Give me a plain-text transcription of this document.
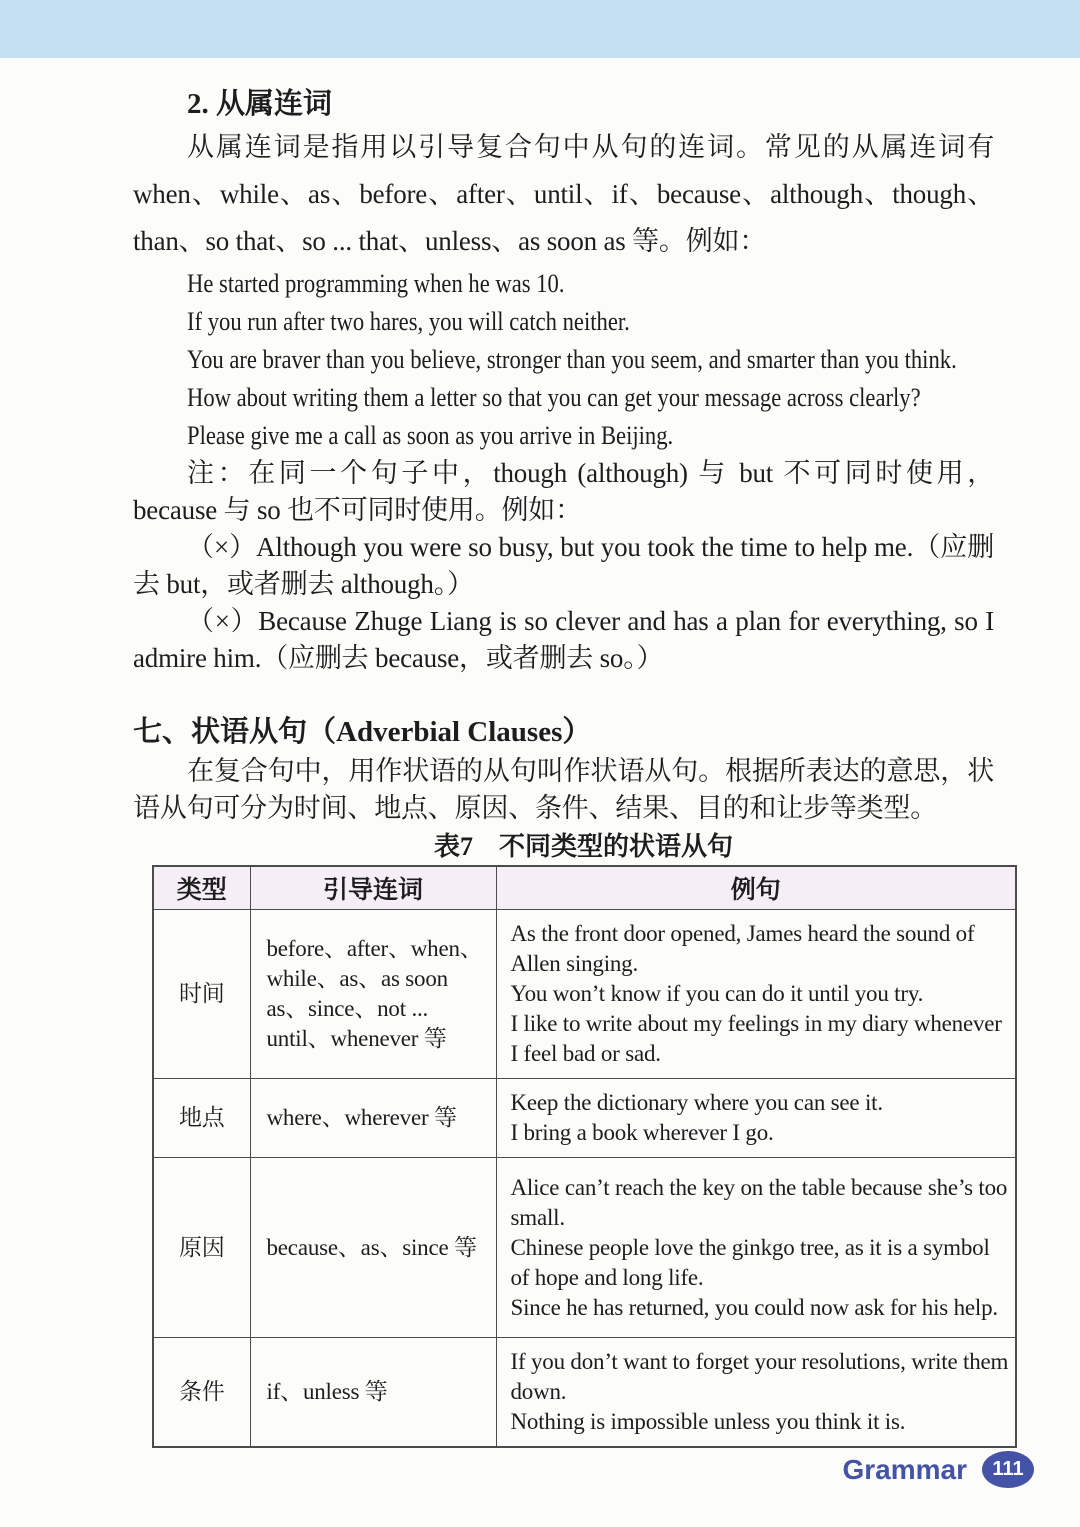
2. 从属连词

从属连词是指用以引导复合句中从句的连词。常见的从属连词有 when、while、as、before、after、until、if、because、although、though、than、so that、so ... that、unless、as soon as 等。例如：

He started programming when he was 10.
If you run after two hares, you will catch neither.
You are braver than you believe, stronger than you seem, and smarter than you think.
How about writing them a letter so that you can get your message across clearly?
Please give me a call as soon as you arrive in Beijing.

注：在同一个句子中，though (although) 与 but 不可同时使用，because 与 so 也不可同时使用。例如：

（×）Although you were so busy, but you took the time to help me.（应删去 but，或者删去 although。）

（×）Because Zhuge Liang is so clever and has a plan for everything, so I admire him.（应删去 because，或者删去 so。）

七、状语从句（Adverbial Clauses）

在复合句中，用作状语的从句叫作状语从句。根据所表达的意思，状语从句可分为时间、地点、原因、条件、结果、目的和让步等类型。

表7　不同类型的状语从句
类型	引导连词	例句
时间	before、after、when、while、as、as soon as、since、not ... until、whenever 等	As the front door opened, James heard the sound of Allen singing.
You won’t know if you can do it until you try.
I like to write about my feelings in my diary whenever I feel bad or sad.

地点	where、wherever 等	Keep the dictionary where you can see it.
I bring a book wherever I go.

原因	because、as、since 等	Alice can’t reach the key on the table because she’s too small.
Chinese people love the ginkgo tree, as it is a symbol of hope and long life.
Since he has returned, you could now ask for his help.

条件	if、unless 等	If you don’t want to forget your resolutions, write them down.
Nothing is impossible unless you think it is.
Grammar	111
